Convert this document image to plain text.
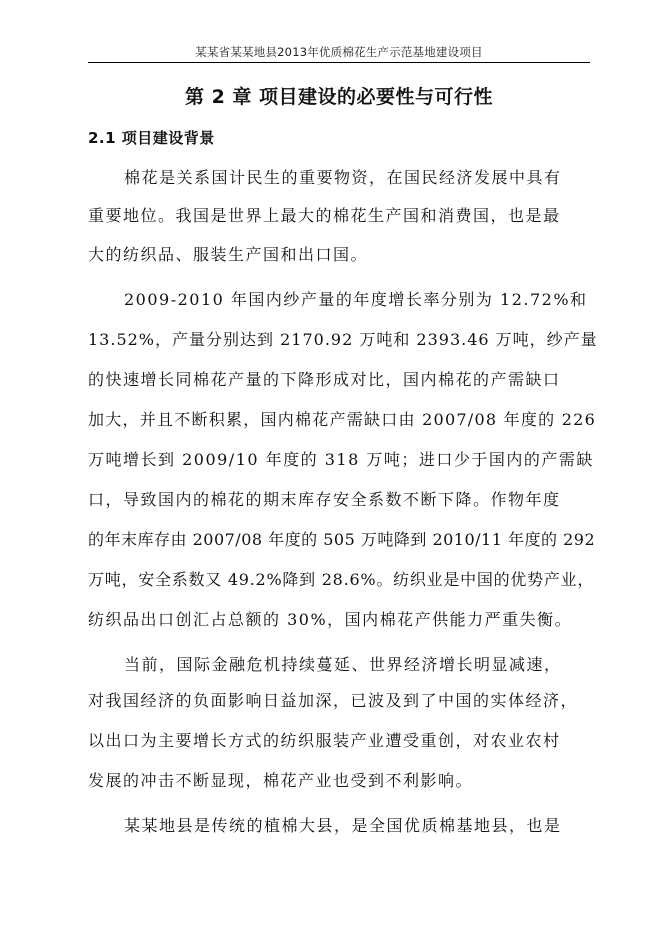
某某省某某地县2013年优质棉花生产示范基地建设项目
第 2 章 项目建设的必要性与可行性
2.1 项目建设背景
棉花是关系国计民生的重要物资，在国民经济发展中具有
重要地位。我国是世界上最大的棉花生产国和消费国，也是最
大的纺织品、服装生产国和出口国。
2009-2010 年国内纱产量的年度增长率分别为 12.72%和
13.52%，产量分别达到 2170.92 万吨和 2393.46 万吨，纱产量
的快速增长同棉花产量的下降形成对比，国内棉花的产需缺口
加大，并且不断积累，国内棉花产需缺口由 2007/08 年度的 226
万吨增长到 2009/10 年度的 318 万吨；进口少于国内的产需缺
口，导致国内的棉花的期末库存安全系数不断下降。作物年度
的年末库存由 2007/08 年度的 505 万吨降到 2010/11 年度的 292
万吨，安全系数又 49.2%降到 28.6%。纺织业是中国的优势产业，
纺织品出口创汇占总额的 30%，国内棉花产供能力严重失衡。
当前，国际金融危机持续蔓延、世界经济增长明显减速，
对我国经济的负面影响日益加深，已波及到了中国的实体经济，
以出口为主要增长方式的纺织服装产业遭受重创，对农业农村
发展的冲击不断显现，棉花产业也受到不利影响。
某某地县是传统的植棉大县，是全国优质棉基地县，也是
